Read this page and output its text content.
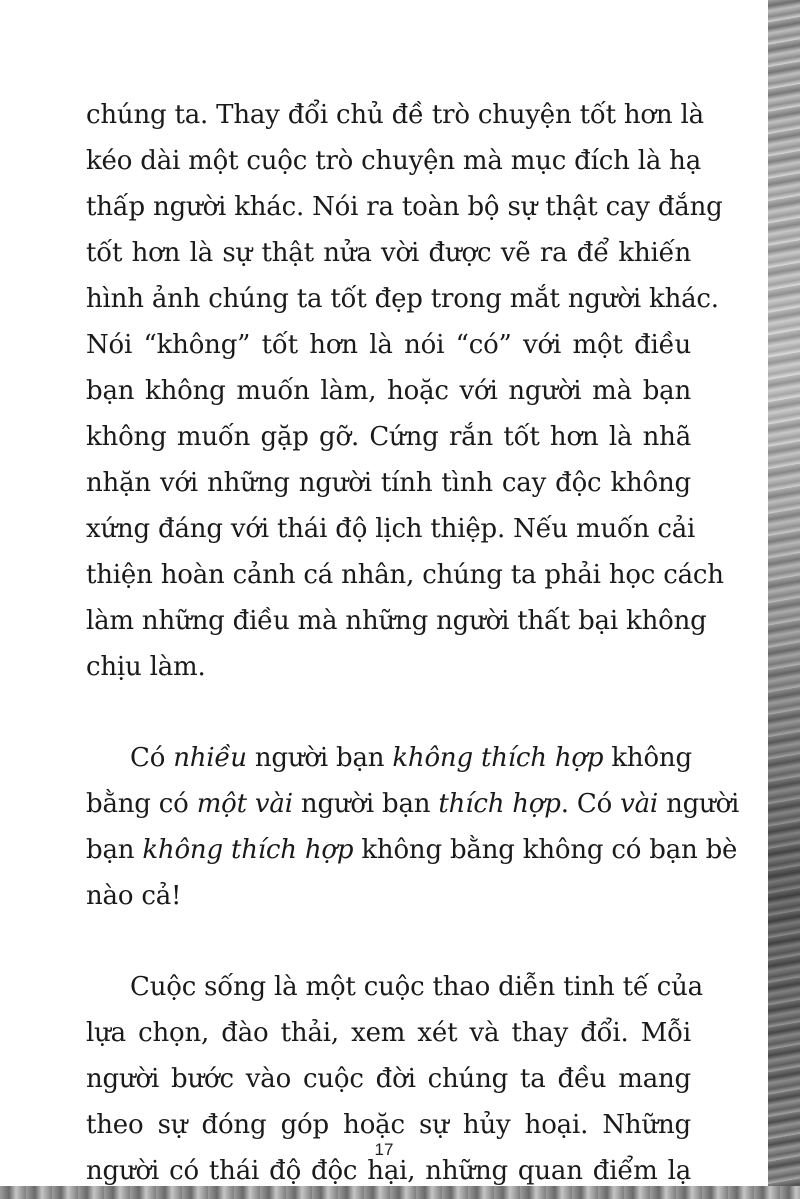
chúng ta. Thay đổi chủ đề trò chuyện tốt hơn là
kéo dài một cuộc trò chuyện mà mục đích là hạ
thấp người khác. Nói ra toàn bộ sự thật cay đắng
tốt hơn là sự thật nửa vời được vẽ ra để khiến
hình ảnh chúng ta tốt đẹp trong mắt người khác.
Nói “không” tốt hơn là nói “có” với một điều
bạn không muốn làm, hoặc với người mà bạn
không muốn gặp gỡ. Cứng rắn tốt hơn là nhã
nhặn với những người tính tình cay độc không
xứng đáng với thái độ lịch thiệp. Nếu muốn cải
thiện hoàn cảnh cá nhân, chúng ta phải học cách
làm những điều mà những người thất bại không
chịu làm.
Có nhiều người bạn không thích hợp không
bằng có một vài người bạn thích hợp. Có vài người
bạn không thích hợp không bằng không có bạn bè
nào cả!
Cuộc sống là một cuộc thao diễn tinh tế của
lựa chọn, đào thải, xem xét và thay đổi. Mỗi
người bước vào cuộc đời chúng ta đều mang
theo sự đóng góp hoặc sự hủy hoại. Những
người có thái độ độc hại, những quan điểm lạ
17
